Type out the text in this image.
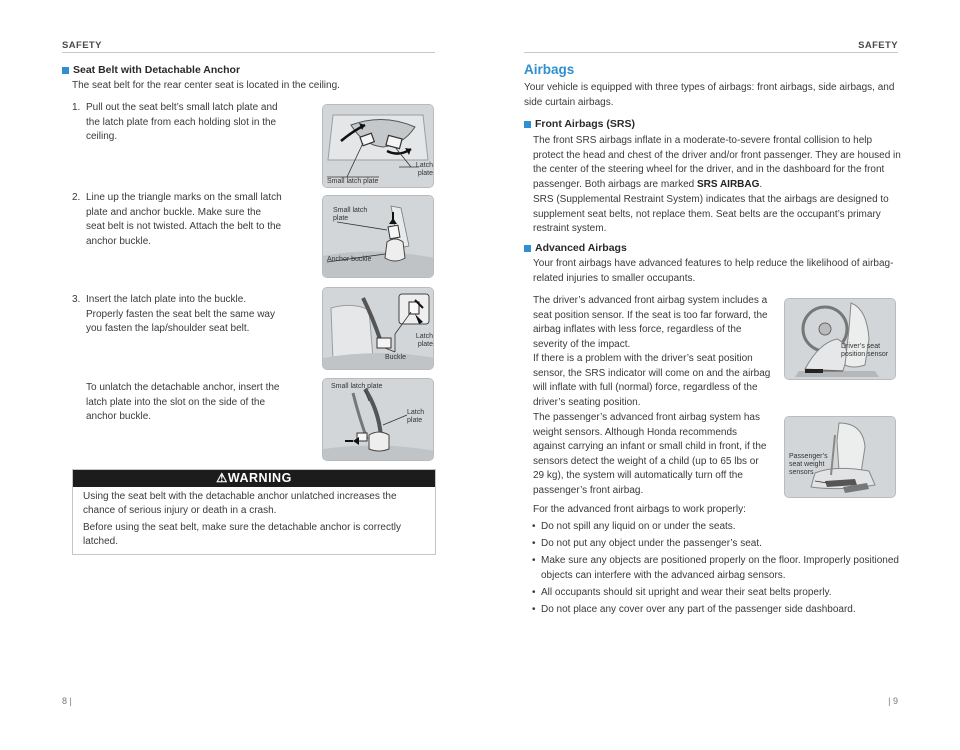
SAFETY
Seat Belt with Detachable Anchor
The seat belt for the rear center seat is located in the ceiling.
1. Pull out the seat belt’s small latch plate and the latch plate from each holding slot in the ceiling.
2. Line up the triangle marks on the small latch plate and anchor buckle. Make sure the seat belt is not twisted. Attach the belt to the anchor buckle.
3. Insert the latch plate into the buckle. Properly fasten the seat belt the same way you fasten the lap/shoulder seat belt.
To unlatch the detachable anchor, insert the latch plate into the slot on the side of the anchor buckle.
Small latch plate
Latch plate
Small latch plate
Anchor buckle
Latch plate
Buckle
Small latch plate
Latch plate
⚠WARNING

Using the seat belt with the detachable anchor unlatched increases the chance of serious injury or death in a crash.

Before using the seat belt, make sure the detachable anchor is correctly latched.

8 |
SAFETY
Airbags
Your vehicle is equipped with three types of airbags: front airbags, side airbags, and side curtain airbags.
Front Airbags (SRS)
The front SRS airbags inflate in a moderate-to-severe frontal collision to help protect the head and chest of the driver and/or front passenger. They are housed in the center of the steering wheel for the driver, and in the dashboard for the front passenger. Both airbags are marked SRS AIRBAG.
SRS (Supplemental Restraint System) indicates that the airbags are designed to supplement seat belts, not replace them. Seat belts are the occupant’s primary restraint system.
Advanced Airbags
Your front airbags have advanced features to help reduce the likelihood of airbag-related injuries to smaller occupants.
The driver’s advanced front airbag system includes a seat position sensor. If the seat is too far forward, the airbag inflates with less force, regardless of the severity of the impact.
If there is a problem with the driver’s seat position sensor, the SRS indicator will come on and the airbag will inflate with full (normal) force, regardless of the driver’s seating position.
The passenger’s advanced front airbag system has weight sensors. Although Honda recommends against carrying an infant or small child in front, if the sensors detect the weight of a child (up to 65 lbs or 29 kg), the system will automatically turn off the passenger’s front airbag.
Driver’s seat position sensor
Passenger’s seat weight sensors
For the advanced front airbags to work properly:
• Do not spill any liquid on or under the seats.
• Do not put any object under the passenger’s seat.
• Make sure any objects are positioned properly on the floor. Improperly positioned objects can interfere with the advanced airbag sensors.
• All occupants should sit upright and wear their seat belts properly.
• Do not place any cover over any part of the passenger side dashboard.
| 9
